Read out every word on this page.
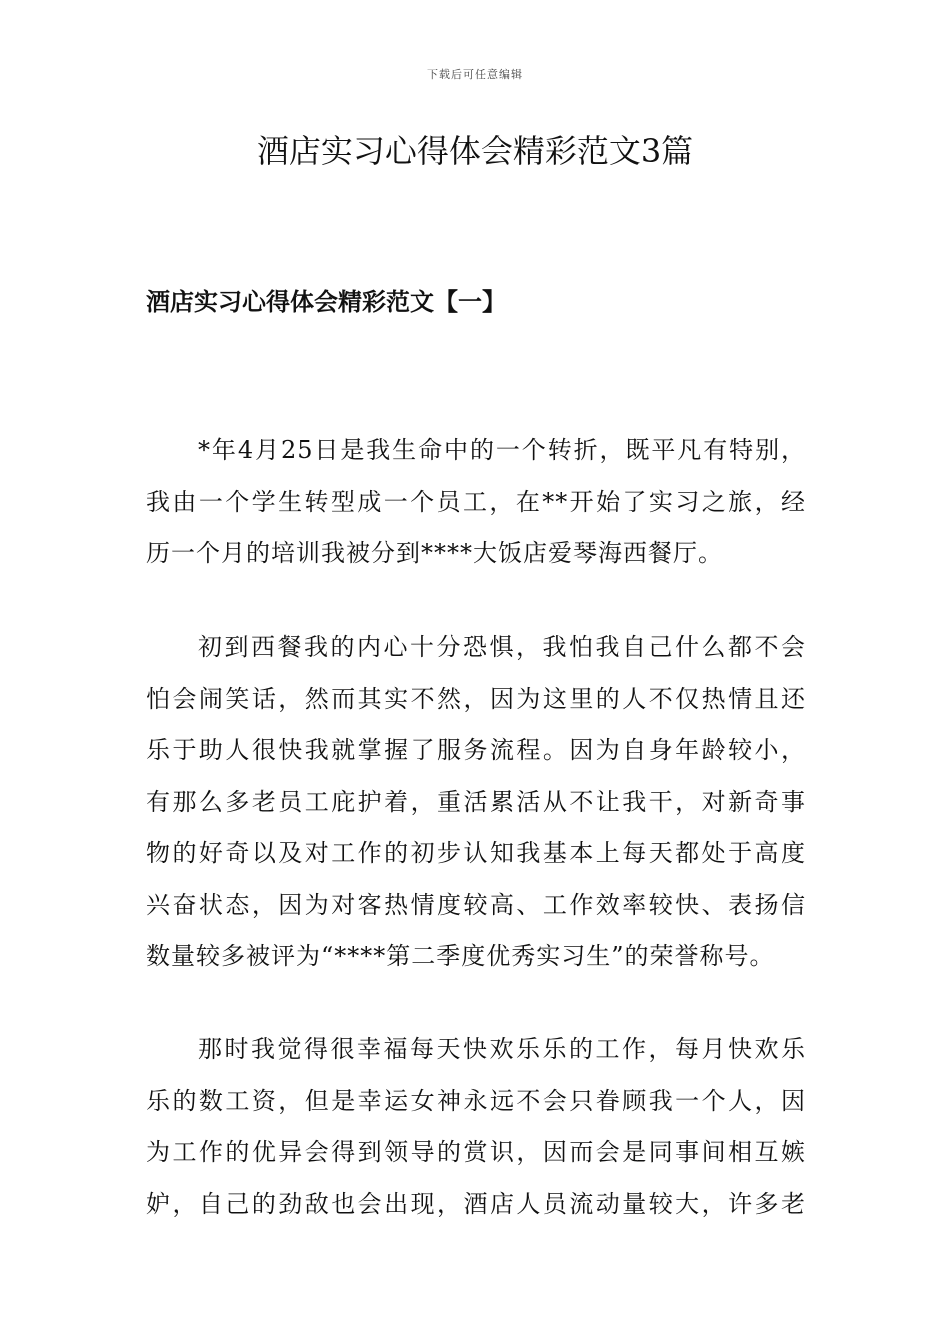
下载后可任意编辑
酒店实习心得体会精彩范文3篇
酒店实习心得体会精彩范文【一】
*年4月25日是我生命中的一个转折，既平凡有特别，
我由一个学生转型成一个员工，在**开始了实习之旅，经
历一个月的培训我被分到****大饭店爱琴海西餐厅。
初到西餐我的内心十分恐惧，我怕我自己什么都不会
怕会闹笑话，然而其实不然，因为这里的人不仅热情且还
乐于助人很快我就掌握了服务流程。因为自身年龄较小，
有那么多老员工庇护着，重活累活从不让我干，对新奇事
物的好奇以及对工作的初步认知我基本上每天都处于高度
兴奋状态，因为对客热情度较高、工作效率较快、表扬信
数量较多被评为“****第二季度优秀实习生”的荣誉称号。
那时我觉得很幸福每天快欢乐乐的工作，每月快欢乐
乐的数工资，但是幸运女神永远不会只眷顾我一个人，因
为工作的优异会得到领导的赏识，因而会是同事间相互嫉
妒，自己的劲敌也会出现，酒店人员流动量较大，许多老
